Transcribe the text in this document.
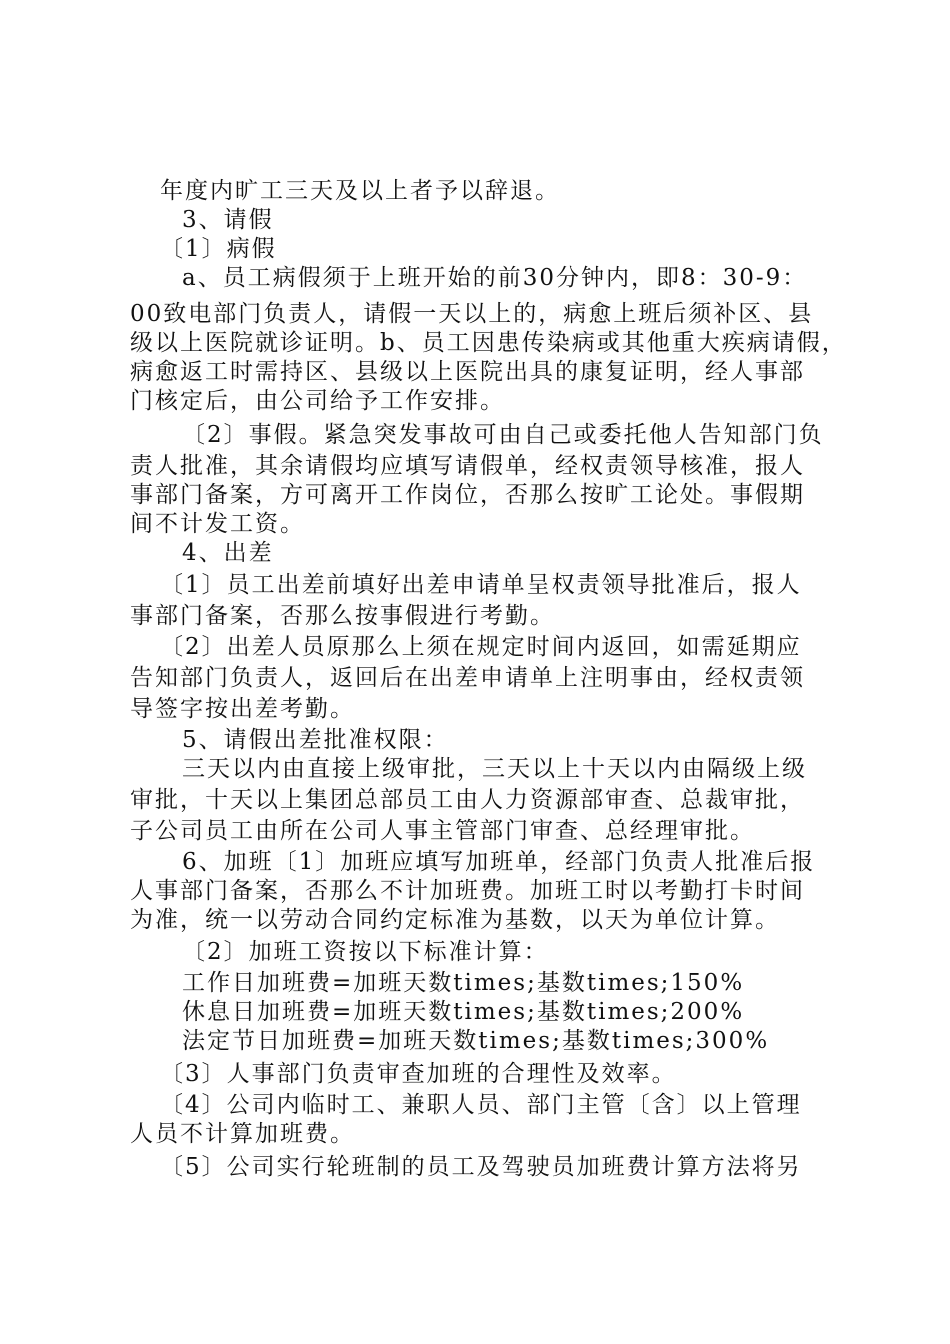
年度内旷工三天及以上者予以辞退。
3、请假
〔1〕病假
a、员工病假须于上班开始的前30分钟内，即8：30-9：
00致电部门负责人，请假一天以上的，病愈上班后须补区、县
级以上医院就诊证明。b、员工因患传染病或其他重大疾病请假，
病愈返工时需持区、县级以上医院出具的康复证明，经人事部
门核定后，由公司给予工作安排。
〔2〕事假。紧急突发事故可由自己或委托他人告知部门负
责人批准，其余请假均应填写请假单，经权责领导核准，报人
事部门备案，方可离开工作岗位，否那么按旷工论处。事假期
间不计发工资。
4、出差
〔1〕员工出差前填好出差申请单呈权责领导批准后，报人
事部门备案，否那么按事假进行考勤。
〔2〕出差人员原那么上须在规定时间内返回，如需延期应
告知部门负责人，返回后在出差申请单上注明事由，经权责领
导签字按出差考勤。
5、请假出差批准权限：
三天以内由直接上级审批，三天以上十天以内由隔级上级
审批，十天以上集团总部员工由人力资源部审查、总裁审批，
子公司员工由所在公司人事主管部门审查、总经理审批。
6、加班〔1〕加班应填写加班单，经部门负责人批准后报
人事部门备案，否那么不计加班费。加班工时以考勤打卡时间
为准，统一以劳动合同约定标准为基数，以天为单位计算。
〔2〕加班工资按以下标准计算：
工作日加班费=加班天数times;基数times;150%
休息日加班费=加班天数times;基数times;200%
法定节日加班费=加班天数times;基数times;300%
〔3〕人事部门负责审查加班的合理性及效率。
〔4〕公司内临时工、兼职人员、部门主管〔含〕以上管理
人员不计算加班费。
〔5〕公司实行轮班制的员工及驾驶员加班费计算方法将另
